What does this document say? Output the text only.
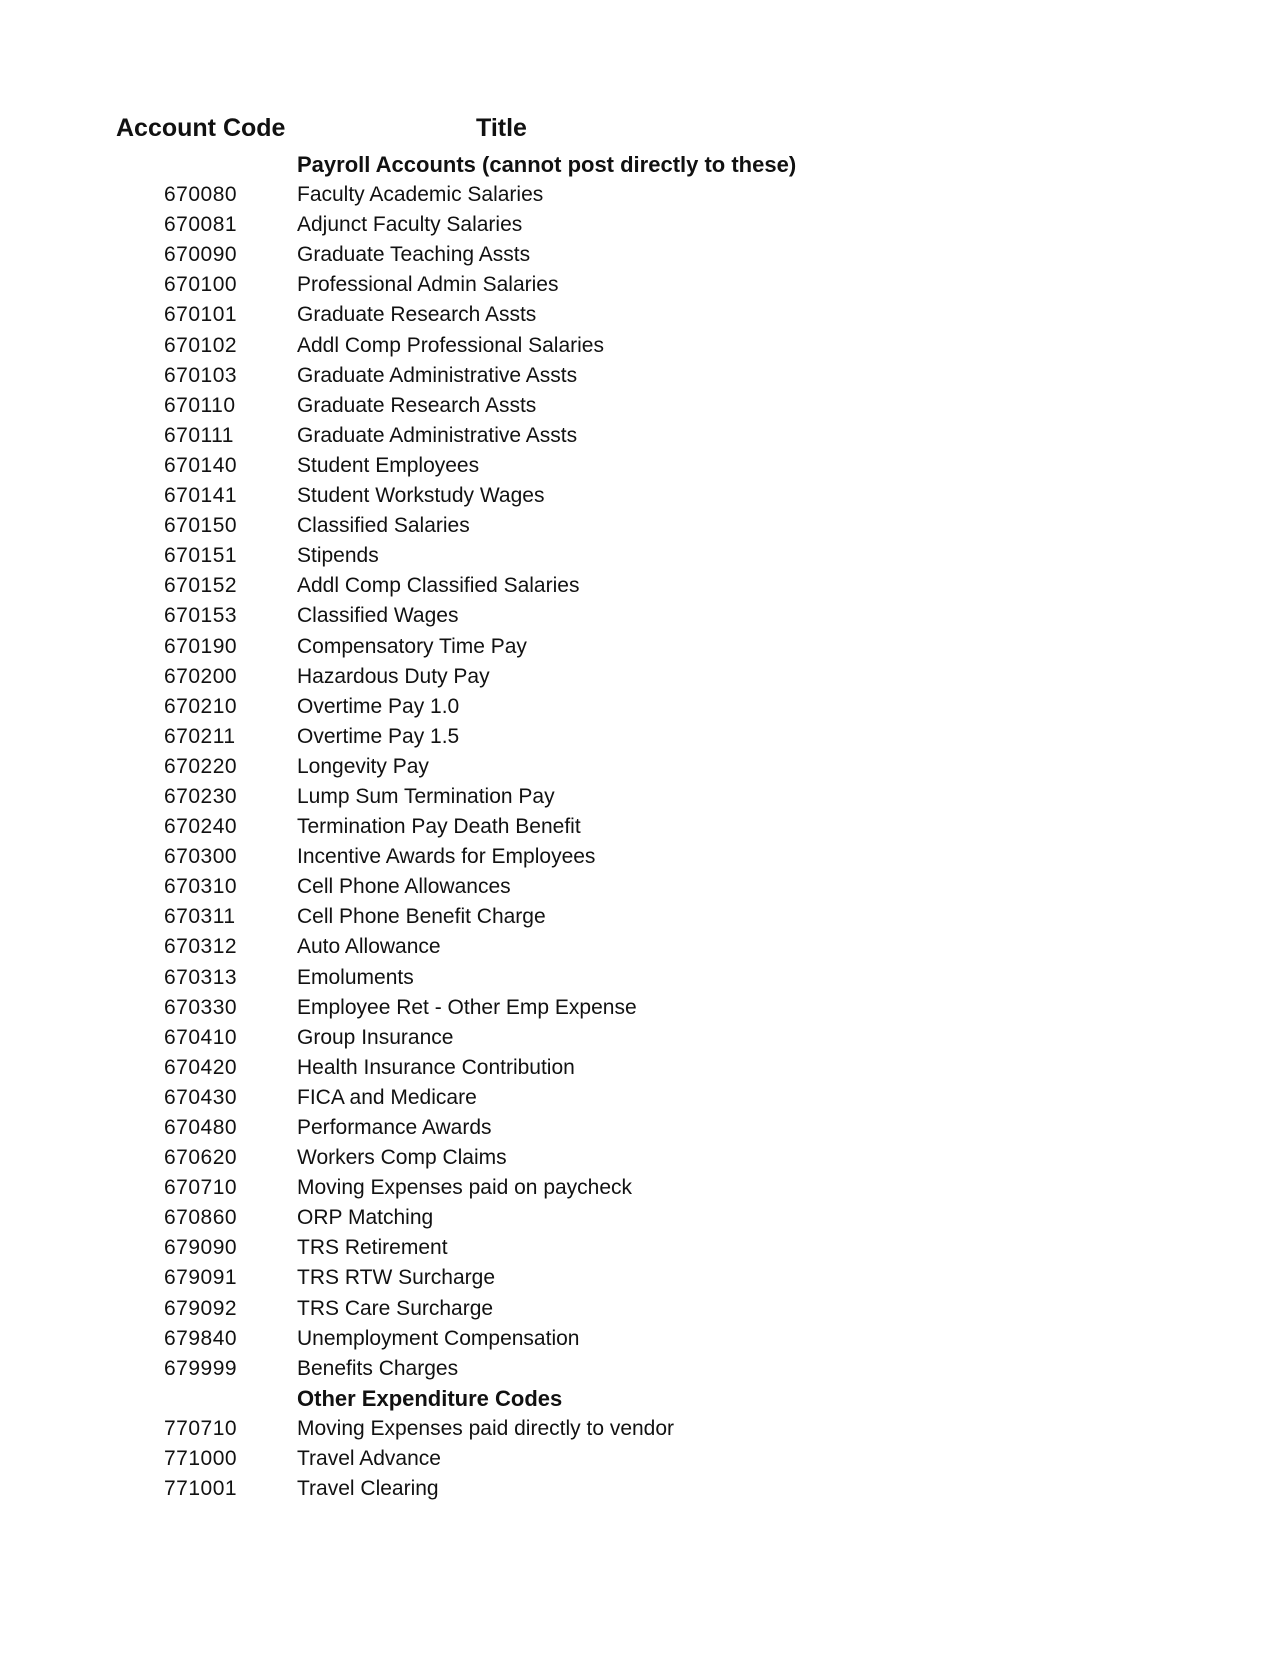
Account Code	Title
Payroll Accounts (cannot post directly to these)
670080	Faculty Academic Salaries
670081	Adjunct Faculty Salaries
670090	Graduate Teaching Assts
670100	Professional Admin Salaries
670101	Graduate Research Assts
670102	Addl Comp Professional Salaries
670103	Graduate Administrative Assts
670110	Graduate Research Assts
670111	Graduate Administrative Assts
670140	Student Employees
670141	Student Workstudy Wages
670150	Classified Salaries
670151	Stipends
670152	Addl Comp Classified Salaries
670153	Classified Wages
670190	Compensatory Time Pay
670200	Hazardous Duty Pay
670210	Overtime Pay 1.0
670211	Overtime Pay 1.5
670220	Longevity Pay
670230	Lump Sum Termination Pay
670240	Termination Pay Death Benefit
670300	Incentive Awards for Employees
670310	Cell Phone Allowances
670311	Cell Phone Benefit Charge
670312	Auto Allowance
670313	Emoluments
670330	Employee Ret - Other Emp Expense
670410	Group Insurance
670420	Health Insurance Contribution
670430	FICA and Medicare
670480	Performance Awards
670620	Workers Comp Claims
670710	Moving Expenses paid on paycheck
670860	ORP Matching
679090	TRS Retirement
679091	TRS RTW Surcharge
679092	TRS Care Surcharge
679840	Unemployment Compensation
679999	Benefits Charges
Other Expenditure Codes
770710	Moving Expenses paid directly to vendor
771000	Travel Advance
771001	Travel Clearing
